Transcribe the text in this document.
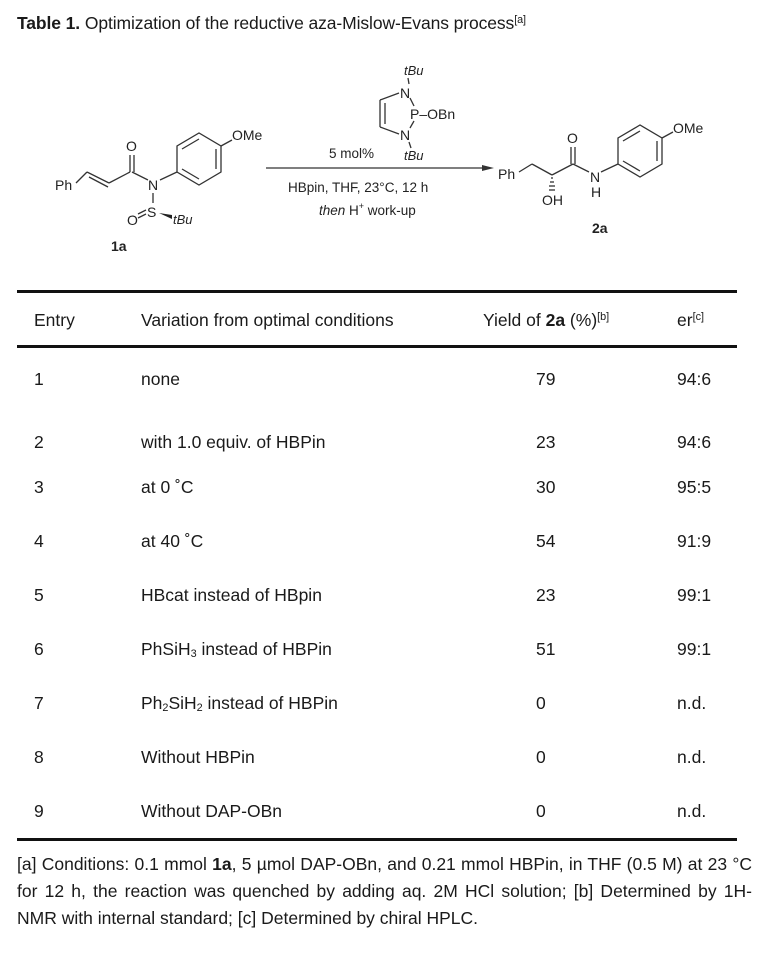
Table 1. Optimization of the reductive aza-Mislow-Evans process[a]
Ph
O
N
OMe
S
O	tBu
1a
tBu
N
P–OBn
N
tBu
5 mol%
HBpin, THF, 23°C, 12 h
then H+ work-up
Ph
OH
O
N
H
OMe
2a
Entry	Variation from optimal conditions	Yield of 2a (%)[b]	er[c]
1	none	79	94:6
2	with 1.0 equiv. of HBPin	23	94:6
3	at 0 ˚C	30	95:5
4	at 40 ˚C	54	91:9
5	HBcat instead of HBpin	23	99:1
6	PhSiH$_3$ instead of HBPin	51	99:1
7	$Ph_2SiH_2$ instead of HBPin	0	n.d.
8	Without HBPin	0	n.d.
9	Without DAP-OBn	0	n.d.
[a] Conditions: 0.1 mmol 1a, 5 µmol DAP-OBn, and 0.21 mmol HBPin, in THF (0.5 M) at 23 °C for 12 h, the reaction was quenched by adding aq. 2M HCl solution; [b] Determined by 1H-NMR with internal standard; [c] Determined by chiral HPLC.
